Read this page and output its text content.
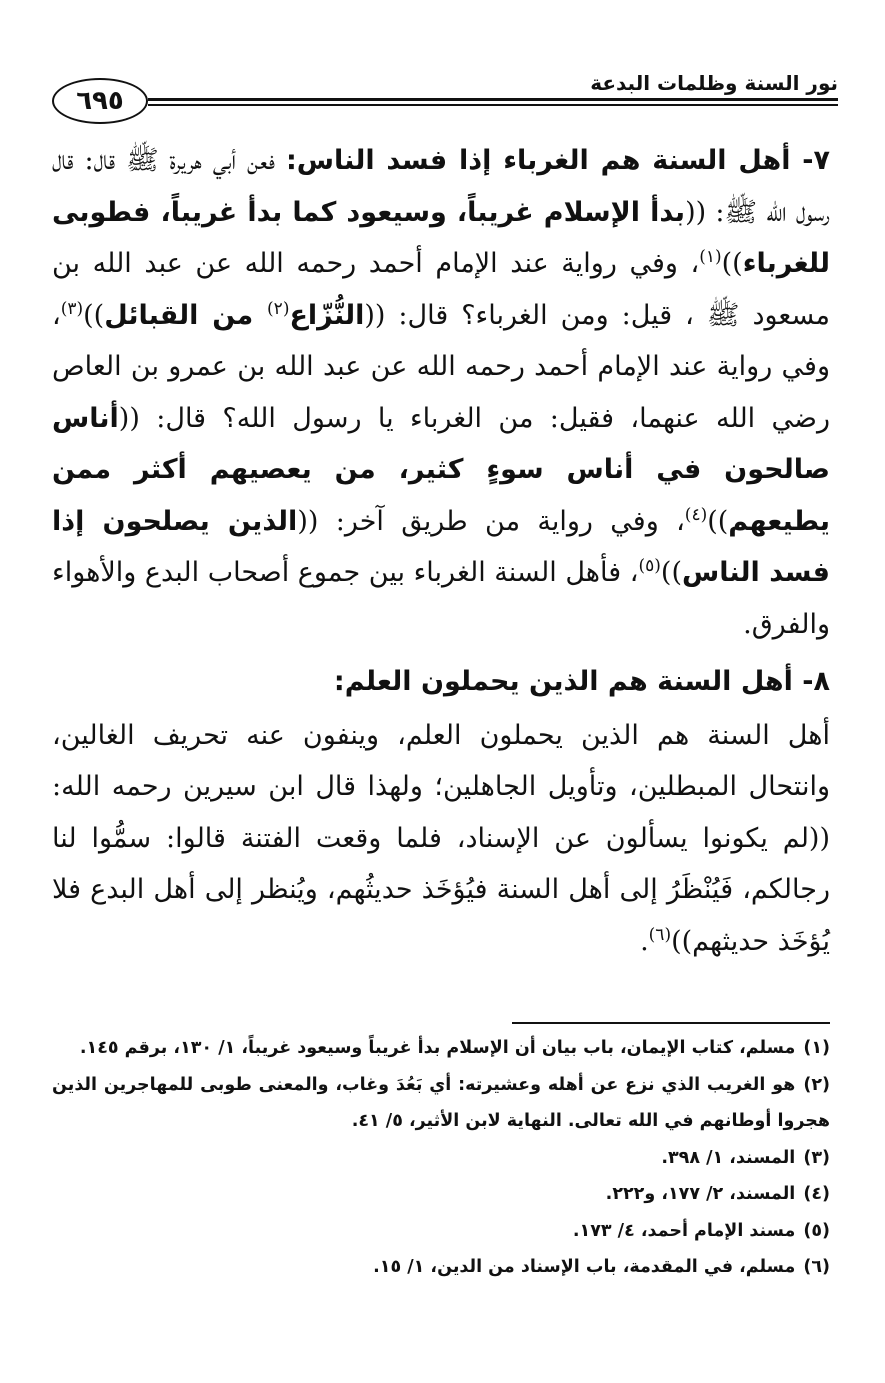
٦٩٥
نور السنة وظلمات البدعة

٧- أهل السنة هم الغرباء إذا فسد الناس: فعن أبي هريرة ﷺ قال: قال رسول الله ﷺ: ((بدأ الإسلام غريباً، وسيعود كما بدأ غريباً، فطوبى للغرباء))$^{(١)}$، وفي رواية عند الإمام أحمد رحمه الله عن عبد الله بن مسعود ﷺ ، قيل: ومن الغرباء؟ قال: ((النُّزّاع$^{(٢)}$ من القبائل))$^{(٣)}$، وفي رواية عند الإمام أحمد رحمه الله عن عبد الله بن عمرو بن العاص رضي الله عنهما، فقيل: من الغرباء يا رسول الله؟ قال: ((أناس صالحون في أناس سوءٍ كثير، من يعصيهم أكثر ممن يطيعهم))$^{(٤)}$، وفي رواية من طريق آخر: ((الذين يصلحون إذا فسد الناس))$^{(٥)}$، فأهل السنة الغرباء بين جموع أصحاب البدع والأهواء والفرق.

٨- أهل السنة هم الذين يحملون العلم:

أهل السنة هم الذين يحملون العلم، وينفون عنه تحريف الغالين، وانتحال المبطلين، وتأويل الجاهلين؛ ولهذا قال ابن سيرين رحمه الله: ((لم يكونوا يسألون عن الإسناد، فلما وقعت الفتنة قالوا: سمُّوا لنا رجالكم، فَيُنْظَرُ إلى أهل السنة فيُؤخَذ حديثُهم، ويُنظر إلى أهل البدع فلا يُؤخَذ حديثهم))$^{(٦)}$.

(١)مسلم، كتاب الإيمان، باب بيان أن الإسلام بدأ غريباً وسيعود غريباً، ١/ ١٣٠، برقم ١٤٥.

(٢)هو الغريب الذي نزع عن أهله وعشيرته: أي بَعُدَ وغاب، والمعنى طوبى للمهاجرين الذين هجروا أوطانهم في الله تعالى. النهاية لابن الأثير، ٥/ ٤١.

(٣)المسند، ١/ ٣٩٨.

(٤)المسند، ٢/ ١٧٧، و٢٢٢.

(٥)مسند الإمام أحمد، ٤/ ١٧٣.

(٦)مسلم، في المقدمة، باب الإسناد من الدين، ١/ ١٥.
